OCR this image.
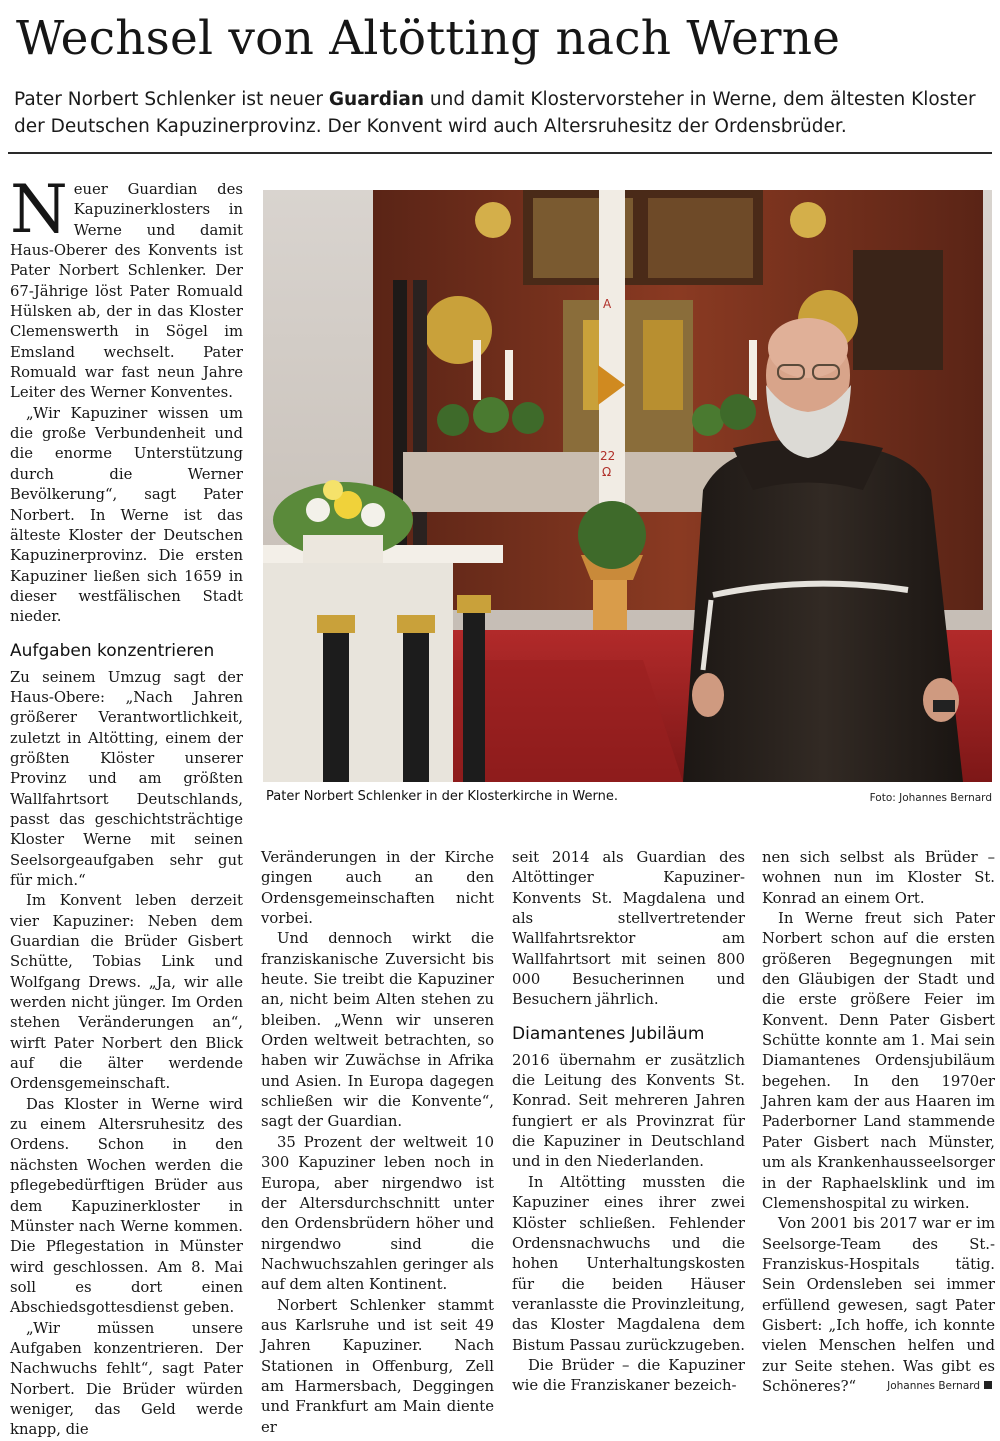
Wechsel von Altötting nach Werne

Pater Norbert Schlenker ist neuer Guardian und damit Klostervorsteher in Werne, dem ältesten Kloster der Deutschen Kapuzinerprovinz. Der Konvent wird auch Altersruhesitz der Ordensbrüder.

Neuer Guardian des Kapuzinerklosters in Werne und damit Haus-Oberer des Konvents ist Pater Norbert Schlenker. Der 67-Jährige löst Pater Romuald Hülsken ab, der in das Kloster Clemenswerth in Sögel im Emsland wechselt. Pater Romuald war fast neun Jahre Leiter des Werner Konventes.

„Wir Kapuziner wissen um die große Verbundenheit und die enorme Unterstützung durch die Werner Bevölkerung“, sagt Pater Norbert. In Werne ist das älteste Kloster der Deutschen Kapuzinerprovinz. Die ersten Kapuziner ließen sich 1659 in dieser westfälischen Stadt nieder.

Aufgaben konzentrieren

Zu seinem Umzug sagt der Haus-Obere: „Nach Jahren größerer Verantwortlichkeit, zuletzt in Altötting, einem der größten Klöster unserer Provinz und am größten Wallfahrtsort Deutschlands, passt das geschichtsträchtige Kloster Werne mit seinen Seelsorgeaufgaben sehr gut für mich.“

Im Konvent leben derzeit vier Kapuziner: Neben dem Guardian die Brüder Gisbert Schütte, Tobias Link und Wolfgang Drews. „Ja, wir alle werden nicht jünger. Im Orden stehen Veränderungen an“, wirft Pater Norbert den Blick auf die älter werdende Ordensgemeinschaft.

Das Kloster in Werne wird zu einem Altersruhesitz des Ordens. Schon in den nächsten Wochen werden die pflegebedürftigen Brüder aus dem Kapuzinerkloster in Münster nach Werne kommen. Die Pflegestation in Münster wird geschlossen. Am 8. Mai soll es dort einen Abschiedsgottesdienst geben.

„Wir müssen unsere Aufgaben konzentrieren. Der Nachwuchs fehlt“, sagt Pater Norbert. Die Brüder würden weniger, das Geld werde knapp, die

A
22
Ω
Pater Norbert Schlenker in der Klosterkirche in Werne.	Foto: Johannes Bernard

Veränderungen in der Kirche gingen auch an den Ordensgemeinschaften nicht vorbei.

Und dennoch wirkt die franziskanische Zuversicht bis heute. Sie treibt die Kapuziner an, nicht beim Alten stehen zu bleiben. „Wenn wir unseren Orden weltweit betrachten, so haben wir Zuwächse in Afrika und Asien. In Europa dagegen schließen wir die Konvente“, sagt der Guardian.

35 Prozent der weltweit 10 300 Kapuziner leben noch in Europa, aber nirgendwo ist der Altersdurchschnitt unter den Ordensbrüdern höher und nirgendwo sind die Nachwuchszahlen geringer als auf dem alten Kontinent.

Norbert Schlenker stammt aus Karlsruhe und ist seit 49 Jahren Kapuziner. Nach Stationen in Offenburg, Zell am Harmersbach, Deggingen und Frankfurt am Main diente er

seit 2014 als Guardian des Altöttinger Kapuziner-Konvents St. Magdalena und als stellvertretender Wallfahrtsrektor am Wallfahrtsort mit seinen 800 000 Besucherinnen und Besuchern jährlich.

Diamantenes Jubiläum

2016 übernahm er zusätzlich die Leitung des Konvents St. Konrad. Seit mehreren Jahren fungiert er als Provinzrat für die Kapuziner in Deutschland und in den Niederlanden.

In Altötting mussten die Kapuziner eines ihrer zwei Klöster schließen. Fehlender Ordensnachwuchs und die hohen Unterhaltungskosten für die beiden Häuser veranlasste die Provinzleitung, das Kloster Magdalena dem Bistum Passau zurückzugeben.

Die Brüder – die Kapuziner wie die Franziskaner bezeich-

nen sich selbst als Brüder – wohnen nun im Kloster St. Konrad an einem Ort.

In Werne freut sich Pater Norbert schon auf die ersten größeren Begegnungen mit den Gläubigen der Stadt und die erste größere Feier im Konvent. Denn Pater Gisbert Schütte konnte am 1. Mai sein Diamantenes Ordensjubiläum begehen. In den 1970er Jahren kam der aus Haaren im Paderborner Land stammende Pater Gisbert nach Münster, um als Krankenhausseelsorger in der Raphaelsklink und im Clemenshospital zu wirken.

Von 2001 bis 2017 war er im Seelsorge-Team des St.-Franziskus-Hospitals tätig. Sein Ordensleben sei immer erfüllend gewesen, sagt Pater Gisbert: „Ich hoffe, ich konnte vielen Menschen helfen und zur Seite stehen. Was gibt es Schöneres?“	Johannes Bernard
